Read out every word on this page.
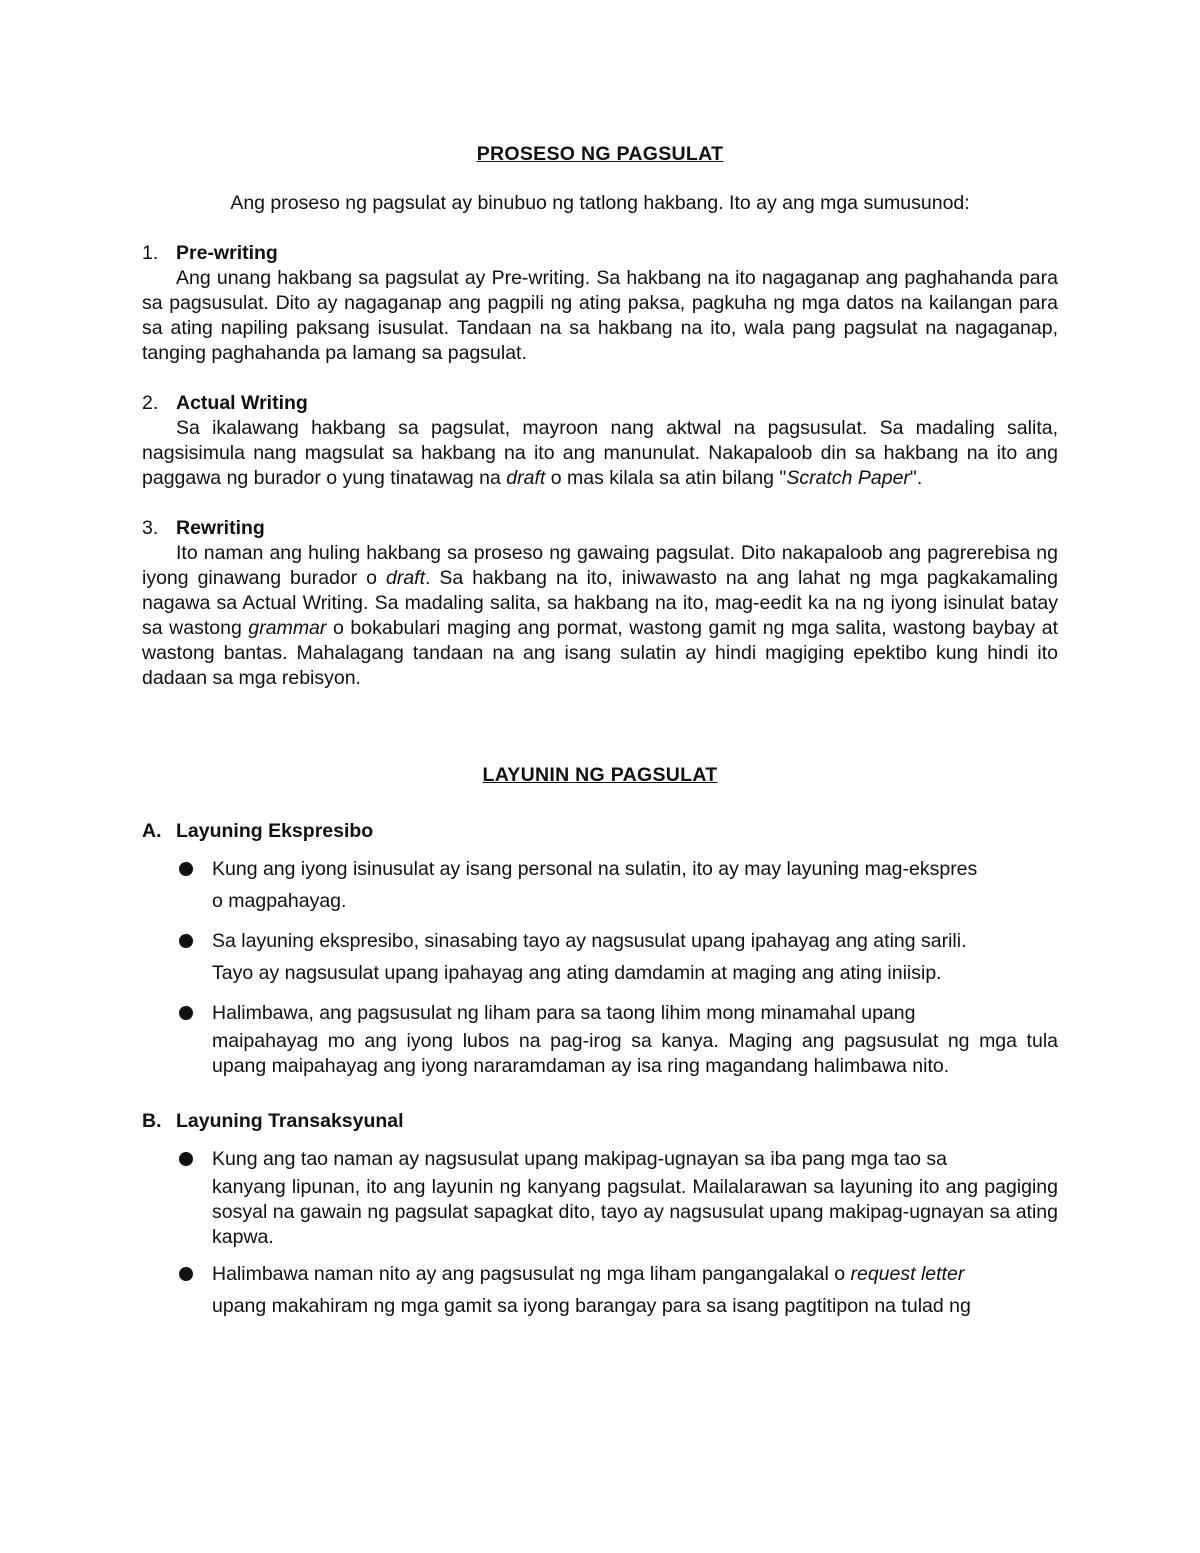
PROSESO NG PAGSULAT

Ang proseso ng pagsulat ay binubuo ng tatlong hakbang. Ito ay ang mga sumusunod:

1. Pre-writing

Ang unang hakbang sa pagsulat ay Pre-writing. Sa hakbang na ito nagaganap ang paghahanda para sa pagsusulat. Dito ay nagaganap ang pagpili ng ating paksa, pagkuha ng mga datos na kailangan para sa ating napiling paksang isusulat. Tandaan na sa hakbang na ito, wala pang pagsulat na nagaganap, tanging paghahanda pa lamang sa pagsulat.

2. Actual Writing

Sa ikalawang hakbang sa pagsulat, mayroon nang aktwal na pagsusulat. Sa madaling salita, nagsisimula nang magsulat sa hakbang na ito ang manunulat. Nakapaloob din sa hakbang na ito ang paggawa ng burador o yung tinatawag na draft o mas kilala sa atin bilang "Scratch Paper".

3. Rewriting

Ito naman ang huling hakbang sa proseso ng gawaing pagsulat. Dito nakapaloob ang pagrerebisa ng iyong ginawang burador o draft. Sa hakbang na ito, iniwawasto na ang lahat ng mga pagkakamaling nagawa sa Actual Writing. Sa madaling salita, sa hakbang na ito, mag-eedit ka na ng iyong isinulat batay sa wastong grammar o bokabulari maging ang pormat, wastong gamit ng mga salita, wastong baybay at wastong bantas. Mahalagang tandaan na ang isang sulatin ay hindi magiging epektibo kung hindi ito dadaan sa mga rebisyon.

LAYUNIN NG PAGSULAT
A. Layuning Ekspresibo
Kung ang iyong isinusulat ay isang personal na sulatin, ito ay may layuning mag-ekspres
o magpahayag.
Sa layuning ekspresibo, sinasabing tayo ay nagsusulat upang ipahayag ang ating sarili.
Tayo ay nagsusulat upang ipahayag ang ating damdamin at maging ang ating iniisip.
Halimbawa, ang pagsusulat ng liham para sa taong lihim mong minamahal upang
maipahayag mo ang iyong lubos na pag-irog sa kanya. Maging ang pagsusulat ng mga tula upang maipahayag ang iyong nararamdaman ay isa ring magandang halimbawa nito.
B. Layuning Transaksyunal
Kung ang tao naman ay nagsusulat upang makipag-ugnayan sa iba pang mga tao sa
kanyang lipunan, ito ang layunin ng kanyang pagsulat. Mailalarawan sa layuning ito ang pagiging sosyal na gawain ng pagsulat sapagkat dito, tayo ay nagsusulat upang makipag-ugnayan sa ating kapwa.
Halimbawa naman nito ay ang pagsusulat ng mga liham pangangalakal o request letter
upang makahiram ng mga gamit sa iyong barangay para sa isang pagtitipon na tulad ng
